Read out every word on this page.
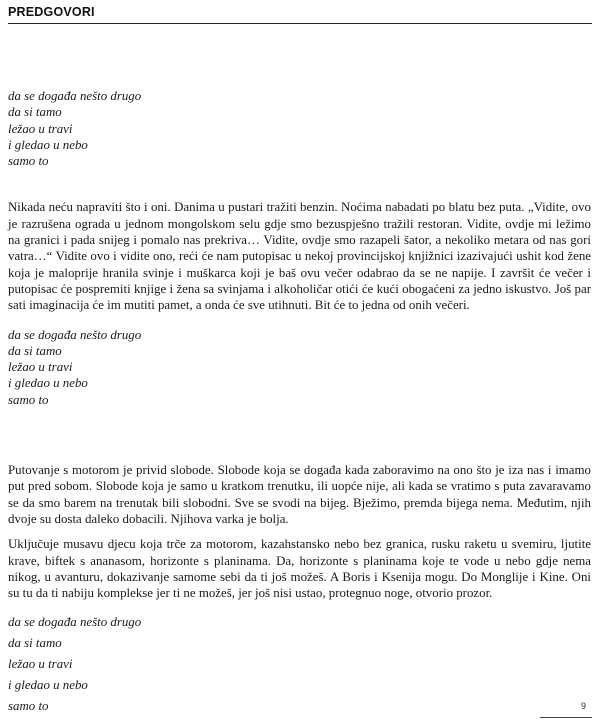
PREDGOVORI
da se događa nešto drugo
da si tamo
ležao u travi
i gledao u nebo
samo to

Nikada neću napraviti što i oni. Danima u pustari tražiti benzin. Noćima nabadati po blatu bez puta. „Vidite, ovo je razrušena ograda u jednom mongolskom selu gdje smo bezuspješno tražili restoran. Vidite, ovdje mi ležimo na granici i pada snijeg i pomalo nas prekriva… Vidite, ovdje smo razapeli šator, a nekoliko metara od nas gori vatra…“ Vidite ovo i vidite ono, reći će nam putopisac u nekoj provincijskoj knjižnici izazivajući ushit kod žene koja je maloprije hranila svinje i muškarca koji je baš ovu večer odabrao da se ne napije. I završit će večer i putopisac će pospremiti knjige i žena sa svinjama i alkoholičar otići će kući obogaćeni za jedno iskustvo. Još par sati imaginacija će im mutiti pamet, a onda će sve utihnuti. Bit će to jedna od onih večeri.

da se događa nešto drugo
da si tamo
ležao u travi
i gledao u nebo
samo to

Putovanje s motorom je privid slobode. Slobode koja se događa kada zaboravimo na ono što je iza nas i imamo put pred sobom. Slobode koja je samo u kratkom trenutku, ili uopće nije, ali kada se vratimo s puta zavaravamo se da smo barem na trenutak bili slobodni. Sve se svodi na bijeg. Bježimo, premda bijega nema. Međutim, njih dvoje su dosta daleko dobacili. Njihova varka je bolja.

Uključuje musavu djecu koja trče za motorom, kazahstansko nebo bez granica, rusku raketu u svemiru, ljutite krave, biftek s ananasom, horizonte s planinama. Da, horizonte s planinama koje te vode u nebo gdje nema nikog, u avanturu, dokazivanje samome sebi da ti još možeš. A Boris i Ksenija mogu. Do Monglije i Kine. Oni su tu da ti nabiju komplekse jer ti ne možeš, jer još nisi ustao, protegnuo noge, otvorio prozor.

da se događa nešto drugo
da si tamo
ležao u travi
i gledao u nebo
samo to	9
